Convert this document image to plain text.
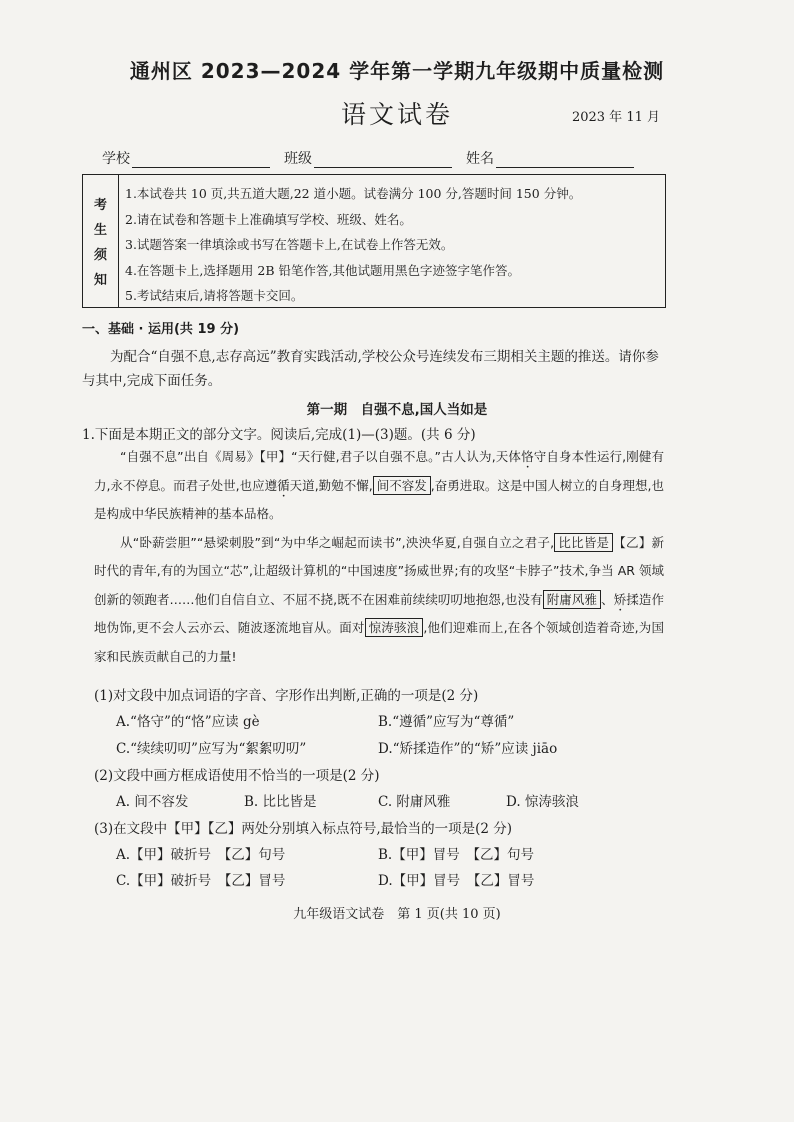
通州区 2023—2024 学年第一学期九年级期中质量检测
语文试卷	2023 年 11 月
学校	班级	姓名
考
生
须
知
1.本试卷共 10 页,共五道大题,22 道小题。试卷满分 100 分,答题时间 150 分钟。
2.请在试卷和答题卡上准确填写学校、班级、姓名。
3.试题答案一律填涂或书写在答题卡上,在试卷上作答无效。
4.在答题卡上,选择题用 2B 铅笔作答,其他试题用黑色字迹签字笔作答。
5.考试结束后,请将答题卡交回。
一、基础 · 运用(共 19 分)
为配合“自强不息,志存高远”教育实践活动,学校公众号连续发布三期相关主题的推送。请你参与其中,完成下面任务。
第一期　自强不息,国人当如是
1.下面是本期正文的部分文字。阅读后,完成(1)—(3)题。(共 6 分)

“自强不息”出自《周易》【甲】“天行健,君子以自强不息。”古人认为,天体恪守自身本性运行,刚健有力,永不停息。而君子处世,也应遵循天道,勤勉不懈, 间不容发 ,奋勇进取。这是中国人树立的自身理想,也是构成中华民族精神的基本品格。

从“卧薪尝胆”“悬梁刺股”到“为中华之崛起而读书”,泱泱华夏,自强自立之君子, 比比皆是 【乙】新时代的青年,有的为国立“芯”,让超级计算机的“中国速度”扬威世界;有的攻坚“卡脖子”技术,争当 AR 领域创新的领跑者……他们自信自立、不屈不挠,既不在困难前续续叨叨地抱怨,也没有 附庸风雅 、矫揉造作地伪饰,更不会人云亦云、随波逐流地盲从。面对 惊涛骇浪 ,他们迎难而上,在各个领域创造着奇迹,为国家和民族贡献自己的力量!

(1)对文段中加点词语的字音、字形作出判断,正确的一项是(2 分)
A.“恪守”的“恪”应读 gè	B.“遵循”应写为“尊循”
C.“续续叨叨”应写为“絮絮叨叨”	D.“矫揉造作”的“矫”应读 jiāo
(2)文段中画方框成语使用不恰当的一项是(2 分)
A. 间不容发	B. 比比皆是	C. 附庸风雅	D. 惊涛骇浪
(3)在文段中【甲】【乙】两处分别填入标点符号,最恰当的一项是(2 分)
A.【甲】破折号　【乙】句号	B.【甲】冒号　【乙】句号
C.【甲】破折号　【乙】冒号	D.【甲】冒号　【乙】冒号
九年级语文试卷　第 1 页(共 10 页)
